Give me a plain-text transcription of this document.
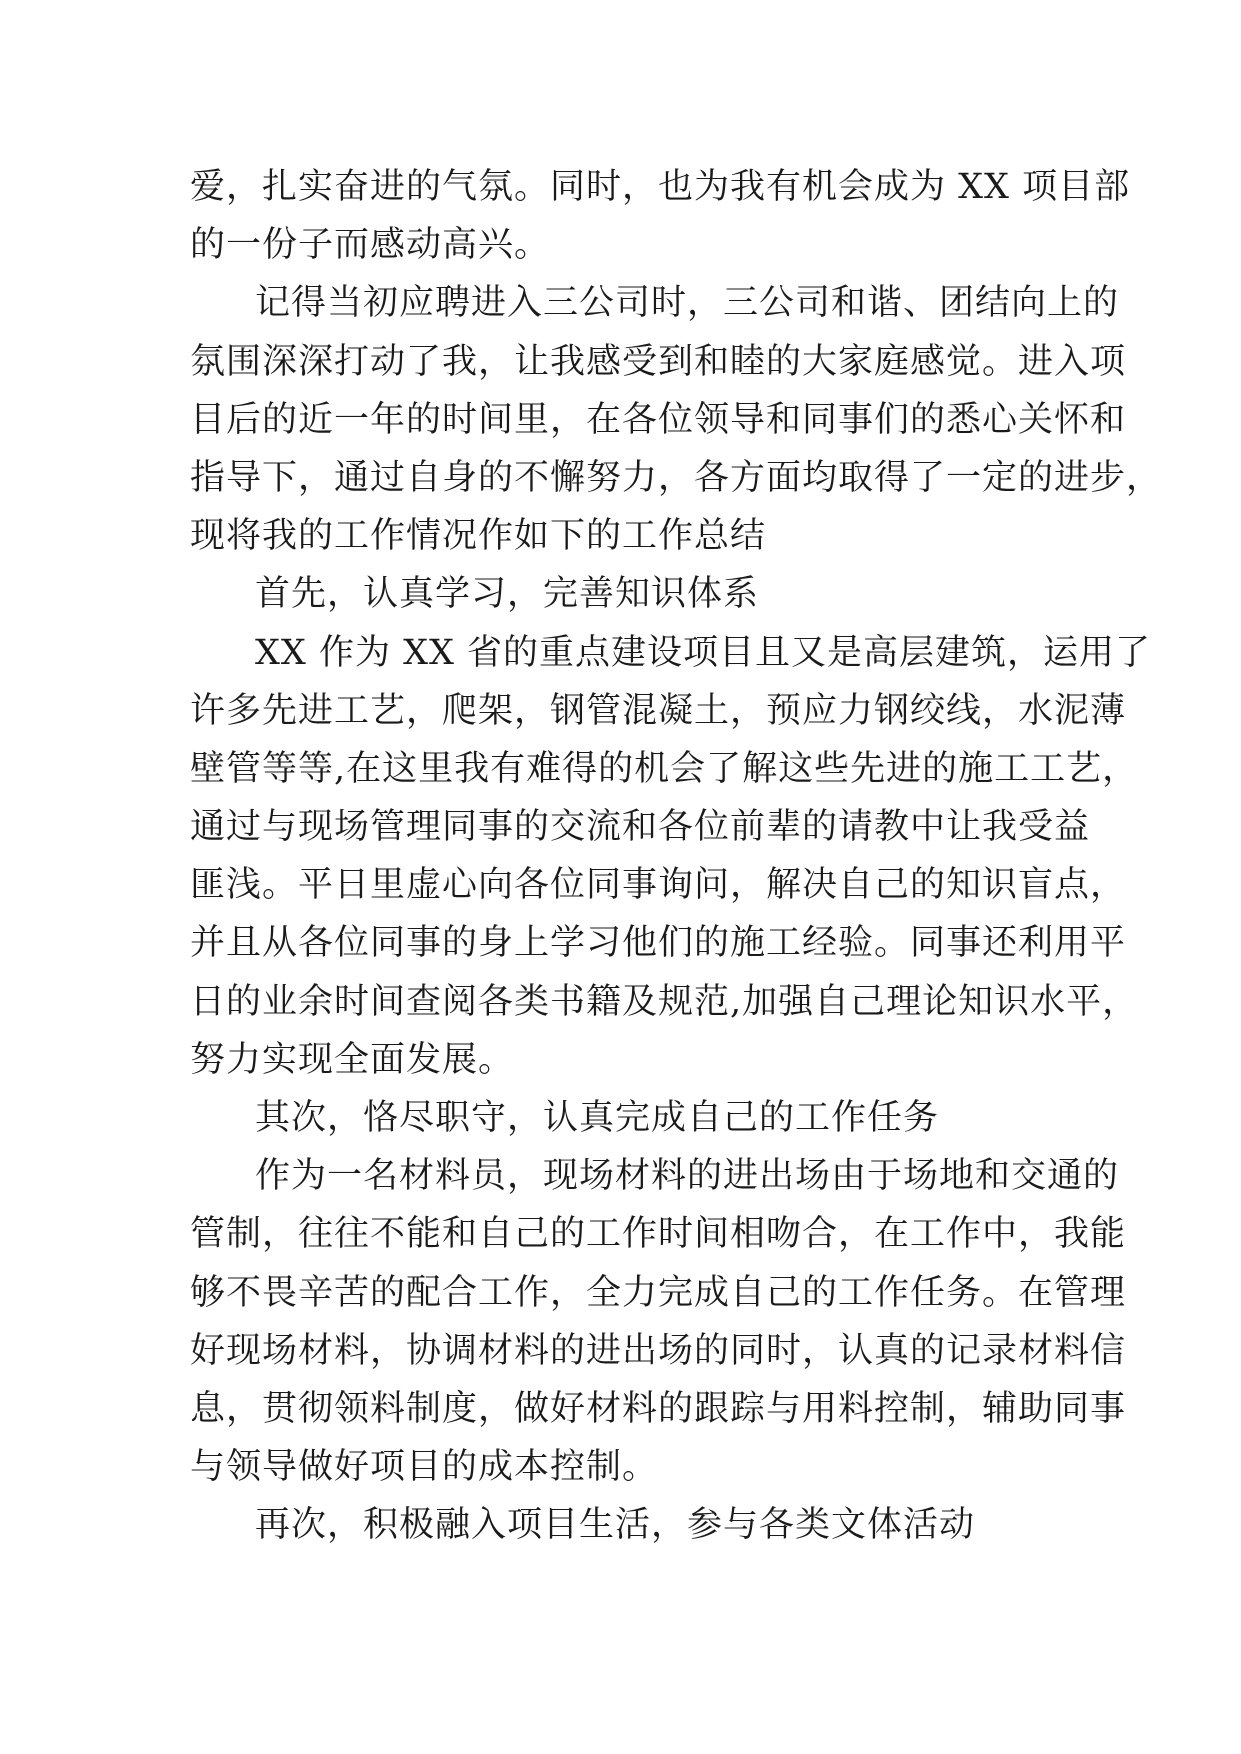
爱，扎实奋进的气氛。同时，也为我有机会成为 XX 项目部
的一份子而感动高兴。
记得当初应聘进入三公司时，三公司和谐、团结向上的
氛围深深打动了我，让我感受到和睦的大家庭感觉。进入项
目后的近一年的时间里，在各位领导和同事们的悉心关怀和
指导下，通过自身的不懈努力，各方面均取得了一定的进步，
现将我的工作情况作如下的工作总结
首先，认真学习，完善知识体系
XX 作为 XX 省的重点建设项目且又是高层建筑，运用了
许多先进工艺，爬架，钢管混凝土，预应力钢绞线，水泥薄
壁管等等,在这里我有难得的机会了解这些先进的施工工艺，
通过与现场管理同事的交流和各位前辈的请教中让我受益
匪浅。平日里虚心向各位同事询问，解决自己的知识盲点，
并且从各位同事的身上学习他们的施工经验。同事还利用平
日的业余时间查阅各类书籍及规范,加强自己理论知识水平，
努力实现全面发展。
其次，恪尽职守，认真完成自己的工作任务
作为一名材料员，现场材料的进出场由于场地和交通的
管制，往往不能和自己的工作时间相吻合，在工作中，我能
够不畏辛苦的配合工作，全力完成自己的工作任务。在管理
好现场材料，协调材料的进出场的同时，认真的记录材料信
息，贯彻领料制度，做好材料的跟踪与用料控制，辅助同事
与领导做好项目的成本控制。
再次，积极融入项目生活，参与各类文体活动
